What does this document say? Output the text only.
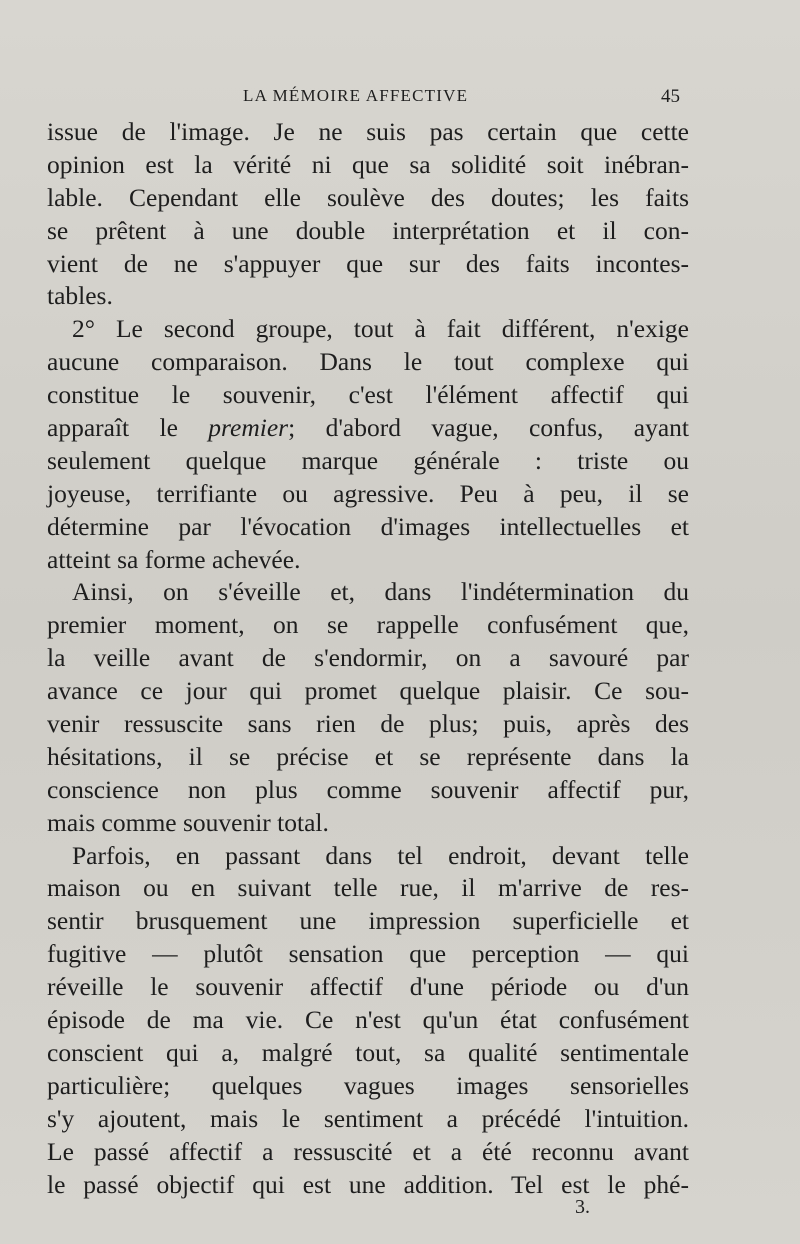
LA MÉMOIRE AFFECTIVE	45
issue de l'image. Je ne suis pas certain que cette
opinion est la vérité ni que sa solidité soit inébran-
lable. Cependant elle soulève des doutes; les faits
se prêtent à une double interprétation et il con-
vient de ne s'appuyer que sur des faits incontes-
tables.
2° Le second groupe, tout à fait différent, n'exige
aucune comparaison. Dans le tout complexe qui
constitue le souvenir, c'est l'élément affectif qui
apparaît le premier; d'abord vague, confus, ayant
seulement quelque marque générale : triste ou
joyeuse, terrifiante ou agressive. Peu à peu, il se
détermine par l'évocation d'images intellectuelles et
atteint sa forme achevée.
Ainsi, on s'éveille et, dans l'indétermination du
premier moment, on se rappelle confusément que,
la veille avant de s'endormir, on a savouré par
avance ce jour qui promet quelque plaisir. Ce sou-
venir ressuscite sans rien de plus; puis, après des
hésitations, il se précise et se représente dans la
conscience non plus comme souvenir affectif pur,
mais comme souvenir total.
Parfois, en passant dans tel endroit, devant telle
maison ou en suivant telle rue, il m'arrive de res-
sentir brusquement une impression superficielle et
fugitive — plutôt sensation que perception — qui
réveille le souvenir affectif d'une période ou d'un
épisode de ma vie. Ce n'est qu'un état confusément
conscient qui a, malgré tout, sa qualité sentimentale
particulière; quelques vagues images sensorielles
s'y ajoutent, mais le sentiment a précédé l'intuition.
Le passé affectif a ressuscité et a été reconnu avant
le passé objectif qui est une addition. Tel est le phé-
3.
